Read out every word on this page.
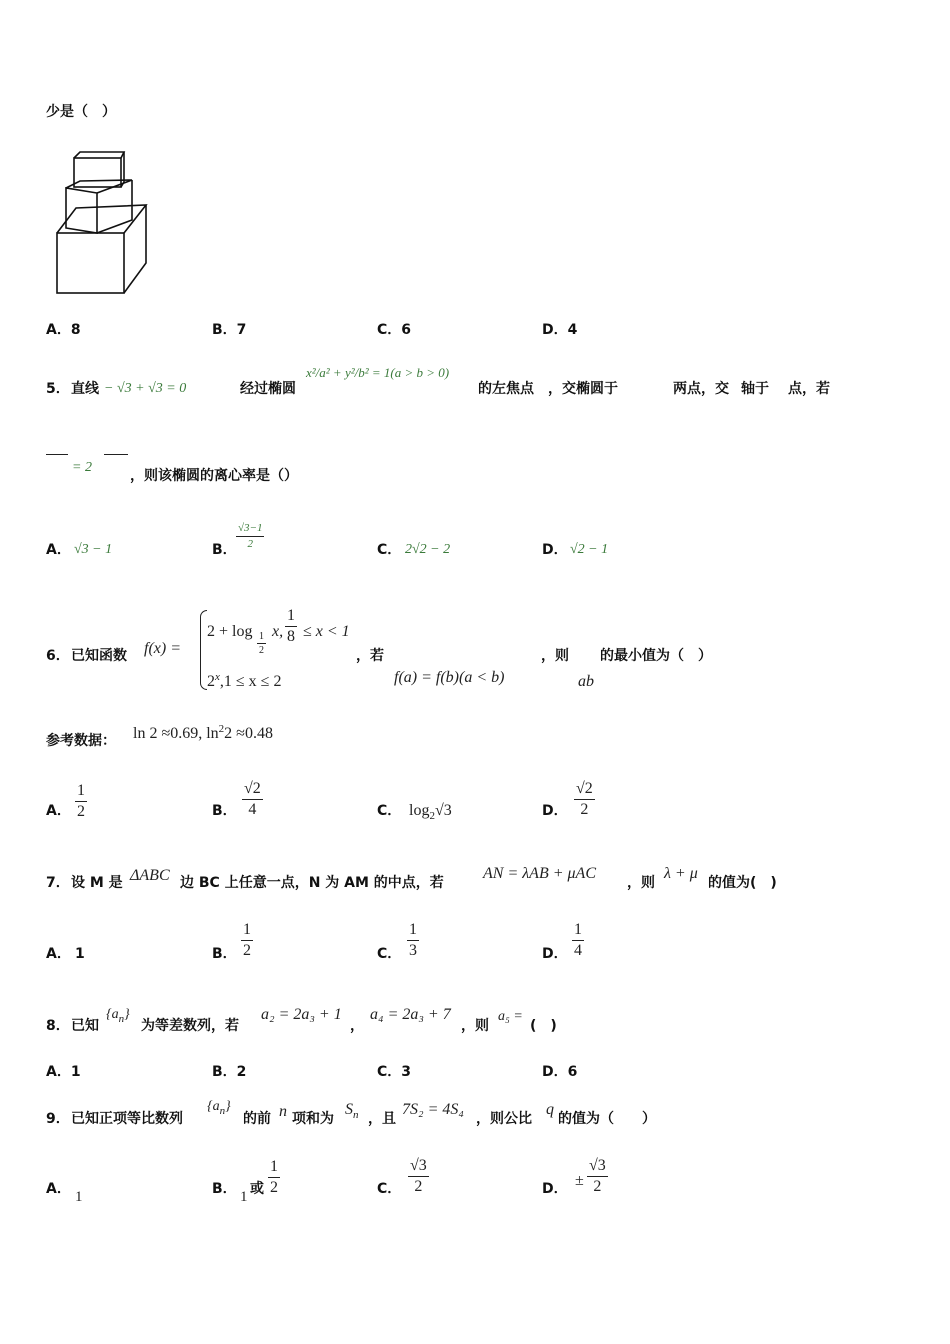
少是（　）
A．8	B．7	C．6	D．4
5． 直线 − √3 + √3 = 0	经过椭圆
x²/a² + y²/b² = 1(a > b > 0)
的左焦点 ，交椭圆于	两点，交 轴于 点，若
= 2
，则该椭圆的离心率是（）
A． √3 − 1	B． $\frac{√3-1}{2}$	C． 2√2 − 2	D． √2 − 1
6． 已知函数 f(x) =
$2 + \log \frac{1}{2} x$, $\frac{1}{8} \le x < 1$
$2^x,1 \le x \le 2$
，若
f(a) = f(b)(a < b)
，则
ab
的最小值为（　）
参考数据： ln 2 ≈0.69, $\ln^22 \approx 0.48$
A． $\frac{1}{2}$	B． $\frac{√2}{4}$	C． $\log_2√3$	D． $\frac{√2}{2}$
7． 设 M 是 ΔABC 边 BC 上任意一点，N 为 AM 的中点，若
AN = λAB + μAC
，则
λ + μ
的值为(　)
A． 1	B． $\frac{1}{2}$	C． $\frac{1}{3}$	D． $\frac{1}{4}$
8． 已知
$\{a_n\}$
为等差数列，若
a₂ = 2a₃ + 1
，
a₄ = 2a₃ + 7
，则
a₅ =
(　)
A．1	B．2	C．3	D．6
9． 已知正项等比数列
$\{a_n\}$
的前 n 项和为
$S_n$ ，且
7S₂ = 4S₄
，则公比
q
的值为（　　）
A． 1	B． 1 或 $\frac{1}{2}$	C． $\frac{√3}{2}$	D． ± $\frac{√3}{2}$
